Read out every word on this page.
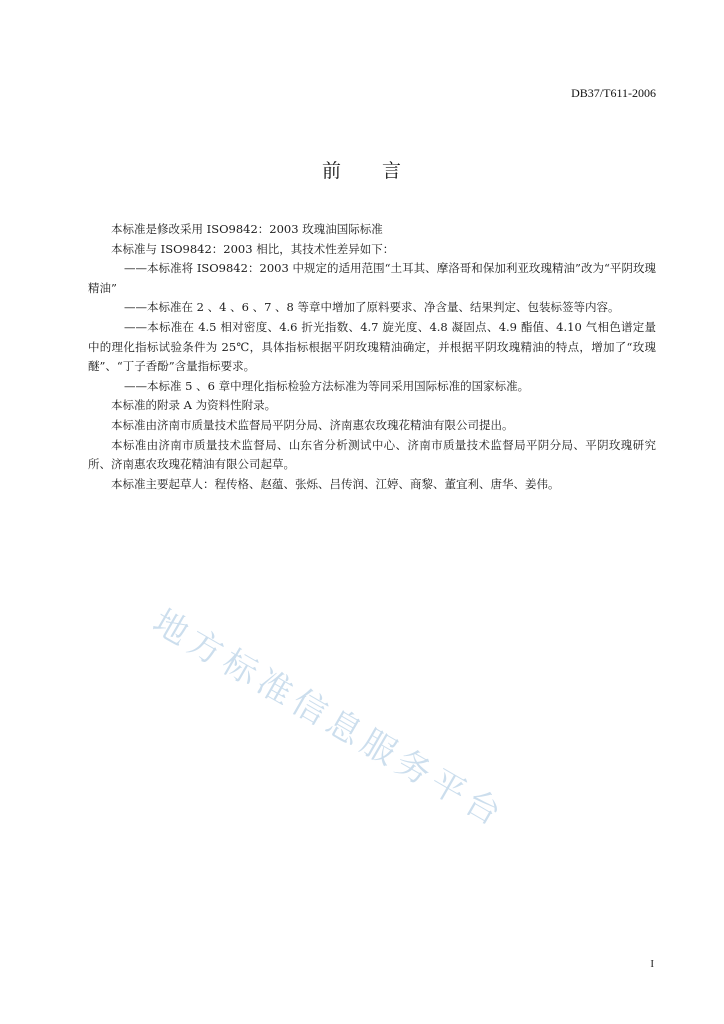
DB37/T611-2006
前 言

本标准是修改采用 ISO9842：2003 玫瑰油国际标准

本标准与 ISO9842：2003 相比，其技术性差异如下：

——本标准将 ISO9842：2003 中规定的适用范围“土耳其、摩洛哥和保加利亚玫瑰精油”改为“平阴玫瑰精油”

——本标准在 2 、4 、6 、7 、8 等章中增加了原料要求、净含量、结果判定、包装标签等内容。

——本标准在 4.5 相对密度、4.6 折光指数、4.7 旋光度、4.8 凝固点、4.9 酯值、4.10 气相色谱定量中的理化指标试验条件为 25℃，具体指标根据平阴玫瑰精油确定，并根据平阴玫瑰精油的特点，增加了“玫瑰醚”、“丁子香酚”含量指标要求。

——本标准 5 、6 章中理化指标检验方法标准为等同采用国际标准的国家标准。

本标准的附录 A 为资料性附录。

本标准由济南市质量技术监督局平阴分局、济南惠农玫瑰花精油有限公司提出。

本标准由济南市质量技术监督局、山东省分析测试中心、济南市质量技术监督局平阴分局、平阴玫瑰研究所、济南惠农玫瑰花精油有限公司起草。

本标准主要起草人：程传格、赵蕴、张烁、吕传润、江婷、商黎、董宜利、唐华、姜伟。

地方标准信息服务平台
I
